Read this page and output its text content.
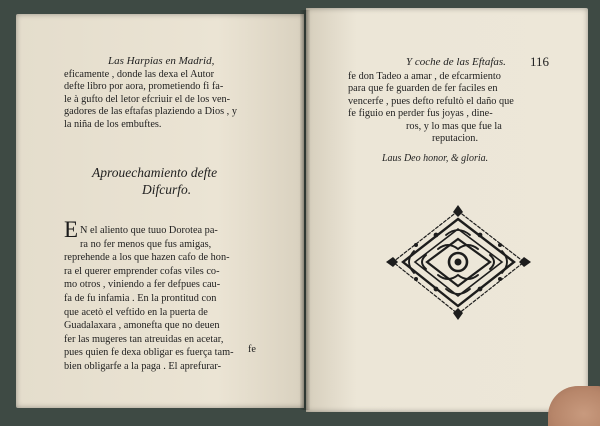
Las Harpias en Madrid,
eficamente , donde las dexa el Autor
defte libro por aora, prometiendo fi fa-
le à gufto del letor efcriuir el de los ven-
gadores de las eftafas plaziendo a Dios , y
la niña de los embuftes.
Aprouechamiento defte
Difcurfo.
E N el aliento que tuuo Dorotea pa-
ra no fer menos que fus amigas,
reprehende a los que hazen cafo de hon-
ra el querer emprender cofas viles co-
mo otros , viniendo a fer defpues cau-
fa de fu infamia . En la prontitud con
que acetò el veftido en la puerta de
Guadalaxara , amonefta que no deuen
fer las mugeres tan atreuidas en acetar,
pues quien fe dexa obligar es fuerça tam-
bien obligarfe a la paga . El aprefurar-
fe
Y coche de las Eftafas. 116
fe don Tadeo a amar , de efcarmiento
para que fe guarden de fer faciles en
vencerfe , pues defto refultò el daño que
fe figuio en perder fus joyas , dine-
ros, y lo mas que fue la
reputacion.
Laus Deo honor, & gloria.
